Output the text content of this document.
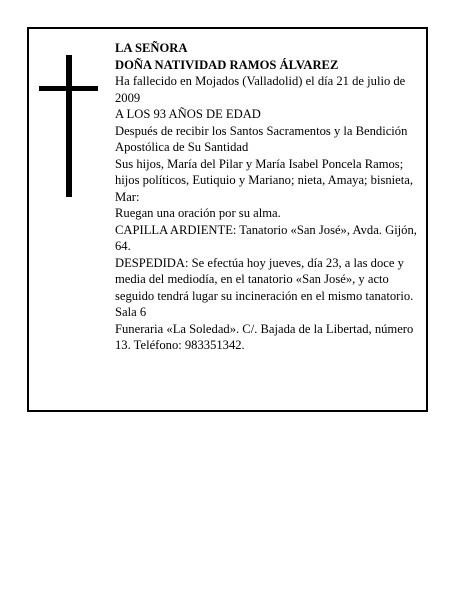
LA SEÑORA

DOÑA NATIVIDAD RAMOS ÁLVAREZ

Ha fallecido en Mojados (Valladolid) el día 21 de julio de 2009

A LOS 93 AÑOS DE EDAD

Después de recibir los Santos Sacramentos y la Bendición Apostólica de Su Santidad

Sus hijos, María del Pilar y María Isabel Poncela Ramos; hijos políticos, Eutiquio y Mariano; nieta, Amaya; bisnieta, Mar:

Ruegan una oración por su alma.

CAPILLA ARDIENTE: Tanatorio «San José», Avda. Gijón, 64.

DESPEDIDA: Se efectúa hoy jueves, día 23, a las doce y media del mediodía, en el tanatorio «San José», y acto seguido tendrá lugar su incineración en el mismo tanatorio. Sala 6

Funeraria «La Soledad». C/. Bajada de la Libertad, número 13. Teléfono: 983351342.
